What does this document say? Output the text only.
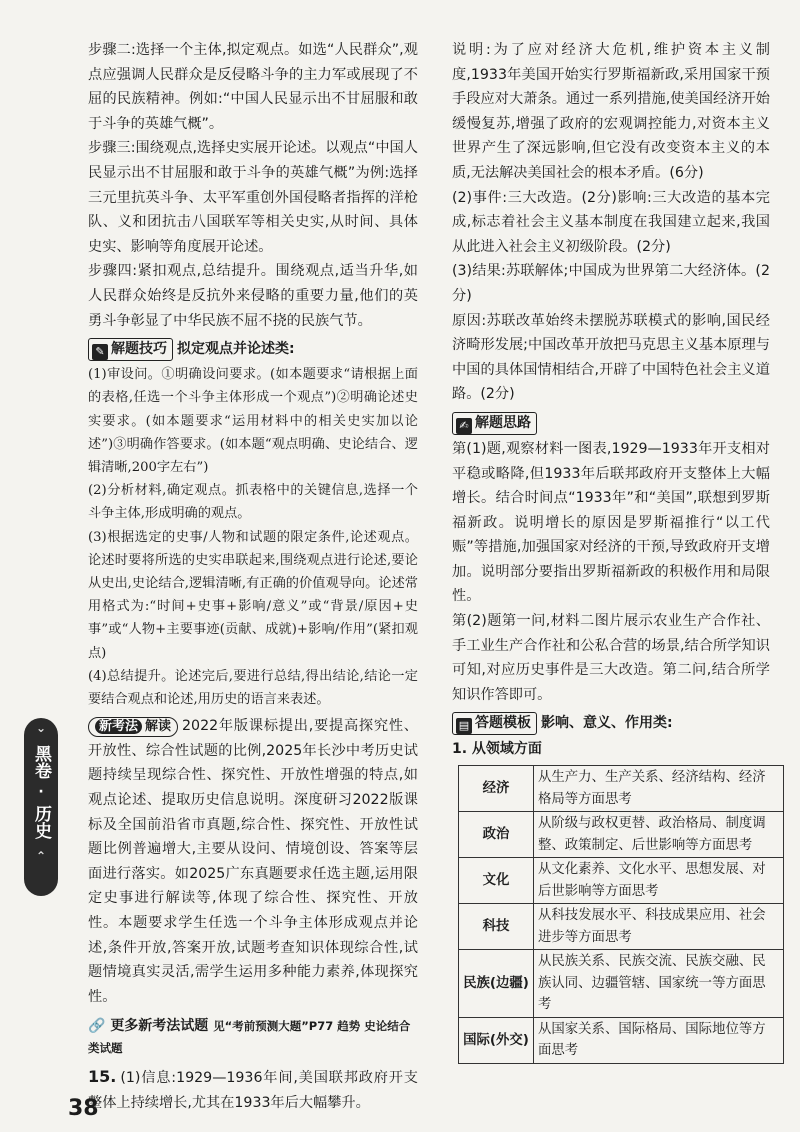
步骤二:选择一个主体,拟定观点。如选“人民群众”,观点应强调人民群众是反侵略斗争的主力军或展现了不屈的民族精神。例如:“中国人民显示出不甘屈服和敢于斗争的英雄气概”。

步骤三:围绕观点,选择史实展开论述。以观点“中国人民显示出不甘屈服和敢于斗争的英雄气概”为例:选择三元里抗英斗争、太平军重创外国侵略者指挥的洋枪队、义和团抗击八国联军等相关史实,从时间、具体史实、影响等角度展开论述。

步骤四:紧扣观点,总结提升。围绕观点,适当升华,如人民群众始终是反抗外来侵略的重要力量,他们的英勇斗争彰显了中华民族不屈不挠的民族气节。

✎ 解题技巧 拟定观点并论述类:

(1)审设问。①明确设问要求。(如本题要求“请根据上面的表格,任选一个斗争主体形成一个观点”)②明确论述史实要求。(如本题要求“运用材料中的相关史实加以论述”)③明确作答要求。(如本题“观点明确、史论结合、逻辑清晰,200字左右”)

(2)分析材料,确定观点。抓表格中的关键信息,选择一个斗争主体,形成明确的观点。

(3)根据选定的史事/人物和试题的限定条件,论述观点。论述时要将所选的史实串联起来,围绕观点进行论述,要论从史出,史论结合,逻辑清晰,有正确的价值观导向。论述常用格式为:“时间+史事+影响/意义”或“背景/原因+史事”或“人物+主要事迹(贡献、成就)+影响/作用”(紧扣观点)

(4)总结提升。论述完后,要进行总结,得出结论,结论一定要结合观点和论述,用历史的语言来表述。

新考法 解读 2022年版课标提出,要提高探究性、开放性、综合性试题的比例,2025年长沙中考历史试题持续呈现综合性、探究性、开放性增强的特点,如观点论述、提取历史信息说明。深度研习2022版课标及全国前沿省市真题,综合性、探究性、开放性试题比例普遍增大,主要从设问、情境创设、答案等层面进行落实。如2025广东真题要求任选主题,运用限定史事进行解读等,体现了综合性、探究性、开放性。本题要求学生任选一个斗争主体形成观点并论述,条件开放,答案开放,试题考查知识体现综合性,试题情境真实灵活,需学生运用多种能力素养,体现探究性。

🔗 更多新考法试题 见“考前预测大题”P77 趋势 史论结合类试题

15. (1)信息:1929—1936年间,美国联邦政府开支整体上持续增长,尤其在1933年后大幅攀升。

说明:为了应对经济大危机,维护资本主义制度,1933年美国开始实行罗斯福新政,采用国家干预手段应对大萧条。通过一系列措施,使美国经济开始缓慢复苏,增强了政府的宏观调控能力,对资本主义世界产生了深远影响,但它没有改变资本主义的本质,无法解决美国社会的根本矛盾。(6分)

(2)事件:三大改造。(2分)影响:三大改造的基本完成,标志着社会主义基本制度在我国建立起来,我国从此进入社会主义初级阶段。(2分)

(3)结果:苏联解体;中国成为世界第二大经济体。(2分)

原因:苏联改革始终未摆脱苏联模式的影响,国民经济畸形发展;中国改革开放把马克思主义基本原理与中国的具体国情相结合,开辟了中国特色社会主义道路。(2分)

✍ 解题思路

第(1)题,观察材料一图表,1929—1933年开支相对平稳或略降,但1933年后联邦政府开支整体上大幅增长。结合时间点“1933年”和“美国”,联想到罗斯福新政。说明增长的原因是罗斯福推行“以工代赈”等措施,加强国家对经济的干预,导致政府开支增加。说明部分要指出罗斯福新政的积极作用和局限性。

第(2)题第一问,材料二图片展示农业生产合作社、手工业生产合作社和公私合营的场景,结合所学知识可知,对应历史事件是三大改造。第二问,结合所学知识作答即可。

▤ 答题模板 影响、意义、作用类:
1. 从领域方面
经济	从生产力、生产关系、经济结构、经济格局等方面思考
政治	从阶级与政权更替、政治格局、制度调整、政策制定、后世影响等方面思考
文化	从文化素养、文化水平、思想发展、对后世影响等方面思考
科技	从科技发展水平、科技成果应用、社会进步等方面思考
民族(边疆)	从民族关系、民族交流、民族交融、民族认同、边疆管辖、国家统一等方面思考
国际(外交)	从国家关系、国际格局、国际地位等方面思考
⌄
黑卷
·
历史
⌃
38
